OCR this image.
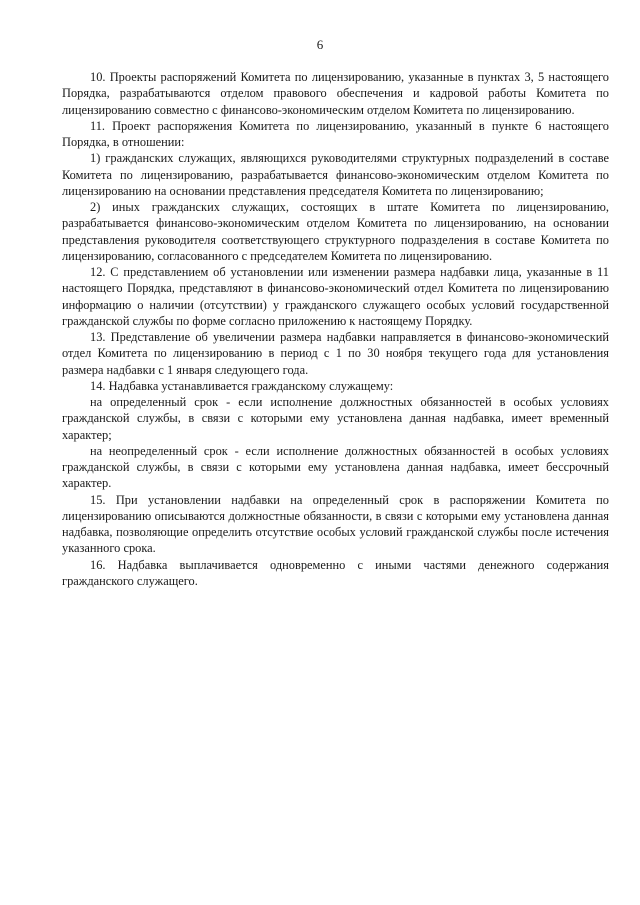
6

10. Проекты распоряжений Комитета по лицензированию, указанные в пунктах 3, 5 настоящего Порядка, разрабатываются отделом правового обеспечения и кадровой работы Комитета по лицензированию совместно с финансово-экономическим отделом Комитета по лицензированию.

11. Проект распоряжения Комитета по лицензированию, указанный в пункте 6 настоящего Порядка, в отношении:

1) гражданских служащих, являющихся руководителями структурных подразделений в составе Комитета по лицензированию, разрабатывается финансово-экономическим отделом Комитета по лицензированию на основании представления председателя Комитета по лицензированию;

2) иных гражданских служащих, состоящих в штате Комитета по лицензированию, разрабатывается финансово-экономическим отделом Комитета по лицензированию, на основании представления руководителя соответствующего структурного подразделения в составе Комитета по лицензированию, согласованного с председателем Комитета по лицензированию.

12. С представлением об установлении или изменении размера надбавки лица, указанные в 11 настоящего Порядка, представляют в финансово-экономический отдел Комитета по лицензированию информацию о наличии (отсутствии) у гражданского служащего особых условий государственной гражданской службы по форме согласно приложению к настоящему Порядку.

13. Представление об увеличении размера надбавки направляется в финансово-экономический отдел Комитета по лицензированию в период с 1 по 30 ноября текущего года для установления размера надбавки с 1 января следующего года.

14. Надбавка устанавливается гражданскому служащему:

на определенный срок - если исполнение должностных обязанностей в особых условиях гражданской службы, в связи с которыми ему установлена данная надбавка, имеет временный характер;

на неопределенный срок - если исполнение должностных обязанностей в особых условиях гражданской службы, в связи с которыми ему установлена данная надбавка, имеет бессрочный характер.

15. При установлении надбавки на определенный срок в распоряжении Комитета по лицензированию описываются должностные обязанности, в связи с которыми ему установлена данная надбавка, позволяющие определить отсутствие особых условий гражданской службы после истечения указанного срока.

16. Надбавка выплачивается одновременно с иными частями денежного содержания гражданского служащего.
